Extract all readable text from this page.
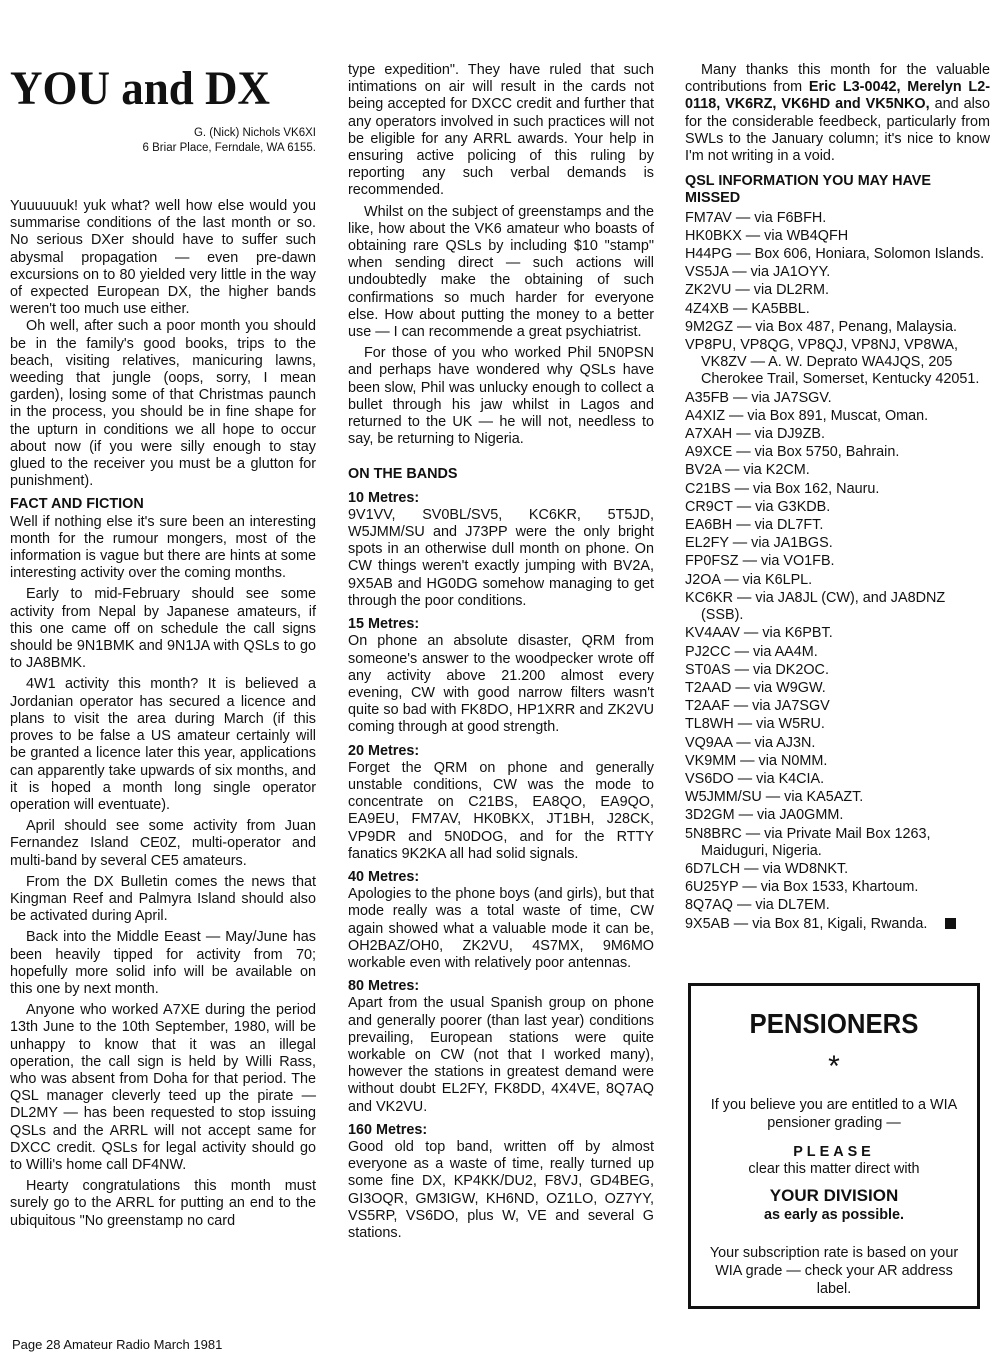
YOU and DX
G. (Nick) Nichols VK6XI
6 Briar Place, Ferndale, WA 6155.

Yuuuuuuk! yuk what? well how else would you summarise conditions of the last month or so. No serious DXer should have to suffer such abysmal propagation — even pre-dawn excursions on to 80 yielded very little in the way of expected European DX, the higher bands weren't too much use either.

Oh well, after such a poor month you should be in the family's good books, trips to the beach, visiting relatives, manicuring lawns, weeding that jungle (oops, sorry, I mean garden), losing some of that Christmas paunch in the process, you should be in fine shape for the upturn in conditions we all hope to occur about now (if you were silly enough to stay glued to the receiver you must be a glutton for punishment).

FACT AND FICTION

Well if nothing else it's sure been an interesting month for the rumour mongers, most of the information is vague but there are hints at some interesting activity over the coming months.

Early to mid-February should see some activity from Nepal by Japanese amateurs, if this one came off on schedule the call signs should be 9N1BMK and 9N1JA with QSLs to go to JA8BMK.

4W1 activity this month? It is believed a Jordanian operator has secured a licence and plans to visit the area during March (if this proves to be false a US amateur certainly will be granted a licence later this year, applications can apparently take upwards of six months, and it is hoped a month long single operator operation will eventuate).

April should see some activity from Juan Fernandez Island CE0Z, multi-operator and multi-band by several CE5 amateurs.

From the DX Bulletin comes the news that Kingman Reef and Palmyra Island should also be activated during April.

Back into the Middle Eeast — May/June has been heavily tipped for activity from 70; hopefully more solid info will be available on this one by next month.

Anyone who worked A7XE during the period 13th June to the 10th September, 1980, will be unhappy to know that it was an illegal operation, the call sign is held by Willi Rass, who was absent from Doha for that period. The QSL manager cleverly teed up the pirate — DL2MY — has been requested to stop issuing QSLs and the ARRL will not accept same for DXCC credit. QSLs for legal activity should go to Willi's home call DF4NW.

Hearty congratulations this month must surely go to the ARRL for putting an end to the ubiquitous "No greenstamp no card

type expedition". They have ruled that such intimations on air will result in the cards not being accepted for DXCC credit and further that any operators involved in such practices will not be eligible for any ARRL awards. Your help in ensuring active policing of this ruling by reporting any such verbal demands is recommended.

Whilst on the subject of greenstamps and the like, how about the VK6 amateur who boasts of obtaining rare QSLs by including $10 "stamp" when sending direct — such actions will undoubtedly make the obtaining of such confirmations so much harder for everyone else. How about putting the money to a better use — I can recommende a great psychiatrist.

For those of you who worked Phil 5N0PSN and perhaps have wondered why QSLs have been slow, Phil was unlucky enough to collect a bullet through his jaw whilst in Lagos and returned to the UK — he will not, needless to say, be returning to Nigeria.

ON THE BANDS
10 Metres:

9V1VV, SV0BL/SV5, KC6KR, 5T5JD, W5JMM/SU and J73PP were the only bright spots in an otherwise dull month on phone. On CW things weren't exactly jumping with BV2A, 9X5AB and HG0DG somehow managing to get through the poor conditions.

15 Metres:

On phone an absolute disaster, QRM from someone's answer to the woodpecker wrote off any activity above 21.200 almost every evening, CW with good narrow filters wasn't quite so bad with FK8DO, HP1XRR and ZK2VU coming through at good strength.

20 Metres:

Forget the QRM on phone and generally unstable conditions, CW was the mode to concentrate on C21BS, EA8QO, EA9QO, EA9EU, FM7AV, HK0BKX, JT1BH, J28CK, VP9DR and 5N0DOG, and for the RTTY fanatics 9K2KA all had solid signals.

40 Metres:

Apologies to the phone boys (and girls), but that mode really was a total waste of time, CW again showed what a valuable mode it can be, OH2BAZ/OH0, ZK2VU, 4S7MX, 9M6MO workable even with relatively poor antennas.

80 Metres:

Apart from the usual Spanish group on phone and generally poorer (than last year) conditions prevailing, European stations were quite workable on CW (not that I worked many), however the stations in greatest demand were without doubt EL2FY, FK8DD, 4X4VE, 8Q7AQ and VK2VU.

160 Metres:

Good old top band, written off by almost everyone as a waste of time, really turned up some fine DX, KP4KK/DU2, F8VJ, GD4BEG, GI3OQR, GM3IGW, KH6ND, OZ1LO, OZ7YY, VS5RP, VS6DO, plus W, VE and several G stations.

Many thanks this month for the valuable contributions from Eric L3-0042, Merelyn L2-0118, VK6RZ, VK6HD and VK5NKO, and also for the considerable feedbeck, particularly from SWLs to the January column; it's nice to know I'm not writing in a void.

QSL INFORMATION YOU MAY HAVE MISSED
FM7AV — via F6BFH.
HK0BKX — via WB4QFH
H44PG — Box 606, Honiara, Solomon Islands.
VS5JA — via JA1OYY.
ZK2VU — via DL2RM.
4Z4XB — KA5BBL.
9M2GZ — via Box 487, Penang, Malaysia.
VP8PU, VP8QG, VP8QJ, VP8NJ, VP8WA, VK8ZV — A. W. Deprato WA4JQS, 205 Cherokee Trail, Somerset, Kentucky 42051.
A35FB — via JA7SGV.
A4XIZ — via Box 891, Muscat, Oman.
A7XAH — via DJ9ZB.
A9XCE — via Box 5750, Bahrain.
BV2A — via K2CM.
C21BS — via Box 162, Nauru.
CR9CT — via G3KDB.
EA6BH — via DL7FT.
EL2FY — via JA1BGS.
FP0FSZ — via VO1FB.
J2OA — via K6LPL.
KC6KR — via JA8JL (CW), and JA8DNZ (SSB).
KV4AAV — via K6PBT.
PJ2CC — via AA4M.
ST0AS — via DK2OC.
T2AAD — via W9GW.
T2AAF — via JA7SGV
TL8WH — via W5RU.
VQ9AA — via AJ3N.
VK9MM — via N0MM.
VS6DO — via K4CIA.
W5JMM/SU — via KA5AZT.
3D2GM — via JA0GMM.
5N8BRC — via Private Mail Box 1263, Maiduguri, Nigeria.
6D7LCH — via WD8NKT.
6U25YP — via Box 1533, Khartoum.
8Q7AQ — via DL7EM.
9X5AB — via Box 81, Kigali, Rwanda.
PENSIONERS
*
If you believe you are entitled to a WIA pensioner grading —
PLEASE
clear this matter direct with
YOUR DIVISION
as early as possible.
Your subscription rate is based on your WIA grade — check your AR address label.
Page 28 Amateur Radio March 1981
